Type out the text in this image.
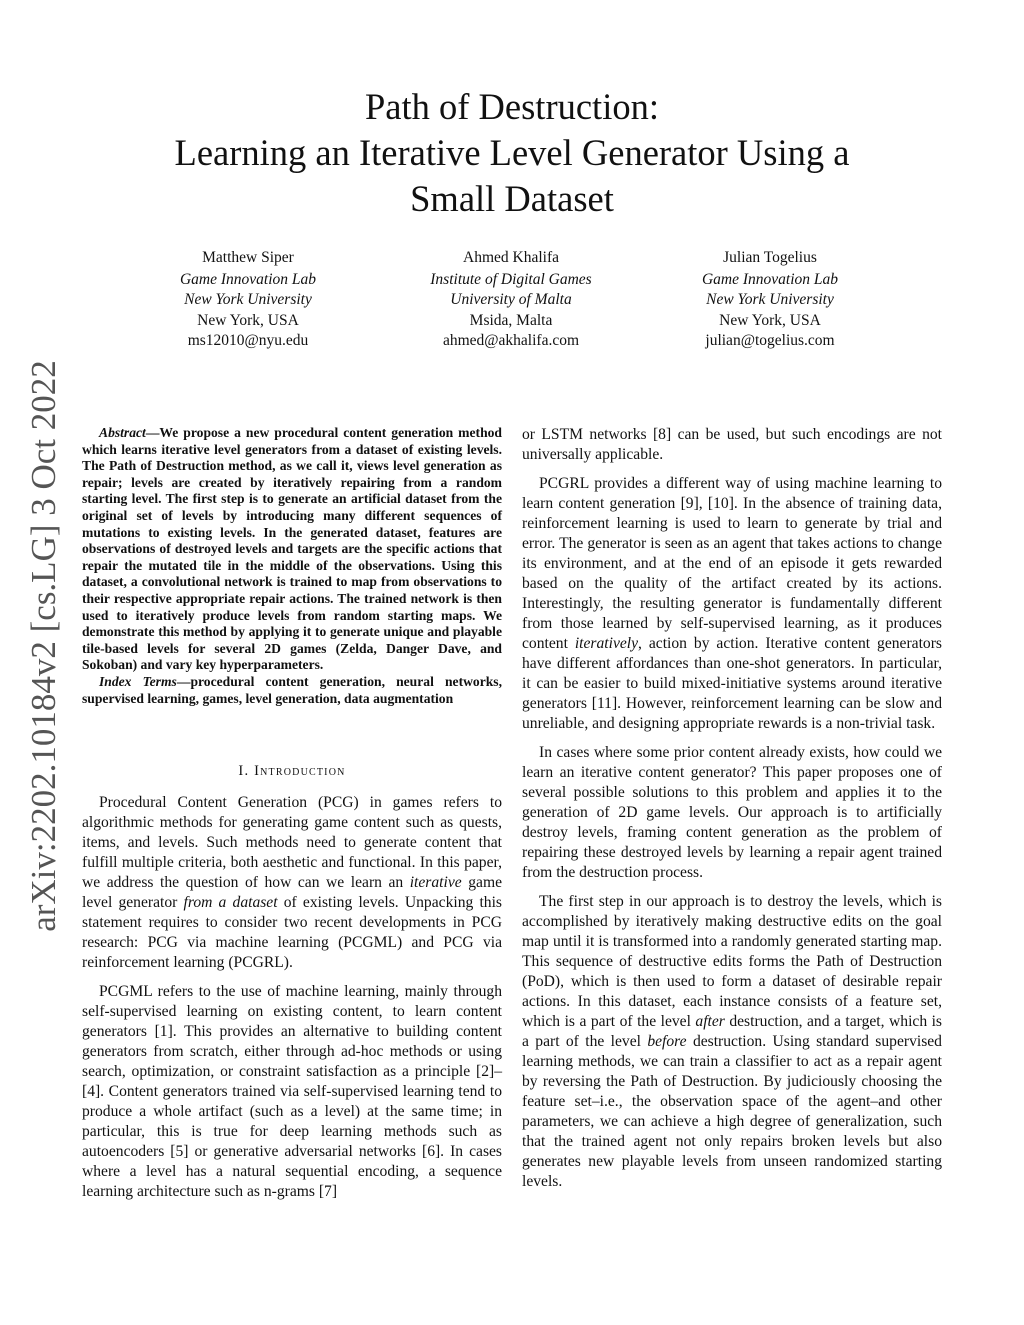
Path of Destruction:
Learning an Iterative Level Generator Using a
Small Dataset
Matthew Siper
Game Innovation Lab
New York University
New York, USA
ms12010@nyu.edu
Ahmed Khalifa
Institute of Digital Games
University of Malta
Msida, Malta
ahmed@akhalifa.com
Julian Togelius
Game Innovation Lab
New York University
New York, USA
julian@togelius.com
arXiv:2202.10184v2 [cs.LG] 3 Oct 2022	Abstract—We propose a new procedural content generation method which learns iterative level generators from a dataset of existing levels. The Path of Destruction method, as we call it, views level generation as repair; levels are created by iteratively repairing from a random starting level. The first step is to generate an artificial dataset from the original set of levels by introducing many different sequences of mutations to existing levels. In the generated dataset, features are observations of destroyed levels and targets are the specific actions that repair the mutated tile in the middle of the observations. Using this dataset, a convolutional network is trained to map from observations to their respective appropriate repair actions. The trained network is then used to iteratively produce levels from random starting maps. We demonstrate this method by applying it to generate unique and playable tile-based levels for several 2D games (Zelda, Danger Dave, and Sokoban) and vary key hyperparameters.

Index Terms—procedural content generation, neural networks, supervised learning, games, level generation, data augmentation

I. Introduction

Procedural Content Generation (PCG) in games refers to algorithmic methods for generating game content such as quests, items, and levels. Such methods need to generate content that fulfill multiple criteria, both aesthetic and functional. In this paper, we address the question of how can we learn an iterative game level generator from a dataset of existing levels. Unpacking this statement requires to consider two recent developments in PCG research: PCG via machine learning (PCGML) and PCG via reinforcement learning (PCGRL).

PCGML refers to the use of machine learning, mainly through self-supervised learning on existing content, to learn content generators [1]. This provides an alternative to building content generators from scratch, either through ad-hoc methods or using search, optimization, or constraint satisfaction as a principle [2]–[4]. Content generators trained via self-supervised learning tend to produce a whole artifact (such as a level) at the same time; in particular, this is true for deep learning methods such as autoencoders [5] or generative adversarial networks [6]. In cases where a level has a natural sequential encoding, a sequence learning architecture such as n-grams [7]

or LSTM networks [8] can be used, but such encodings are not universally applicable.

PCGRL provides a different way of using machine learning to learn content generation [9], [10]. In the absence of training data, reinforcement learning is used to learn to generate by trial and error. The generator is seen as an agent that takes actions to change its environment, and at the end of an episode it gets rewarded based on the quality of the artifact created by its actions. Interestingly, the resulting generator is fundamentally different from those learned by self-supervised learning, as it produces content iteratively, action by action. Iterative content generators have different affordances than one-shot generators. In particular, it can be easier to build mixed-initiative systems around iterative generators [11]. However, reinforcement learning can be slow and unreliable, and designing appropriate rewards is a non-trivial task.

In cases where some prior content already exists, how could we learn an iterative content generator? This paper proposes one of several possible solutions to this problem and applies it to the generation of 2D game levels. Our approach is to artificially destroy levels, framing content generation as the problem of repairing these destroyed levels by learning a repair agent trained from the destruction process.

The first step in our approach is to destroy the levels, which is accomplished by iteratively making destructive edits on the goal map until it is transformed into a randomly generated starting map. This sequence of destructive edits forms the Path of Destruction (PoD), which is then used to form a dataset of desirable repair actions. In this dataset, each instance consists of a feature set, which is a part of the level after destruction, and a target, which is a part of the level before destruction. Using standard supervised learning methods, we can train a classifier to act as a repair agent by reversing the Path of Destruction. By judiciously choosing the feature set–i.e., the observation space of the agent–and other parameters, we can achieve a high degree of generalization, such that the trained agent not only repairs broken levels but also generates new playable levels from unseen randomized starting levels.
